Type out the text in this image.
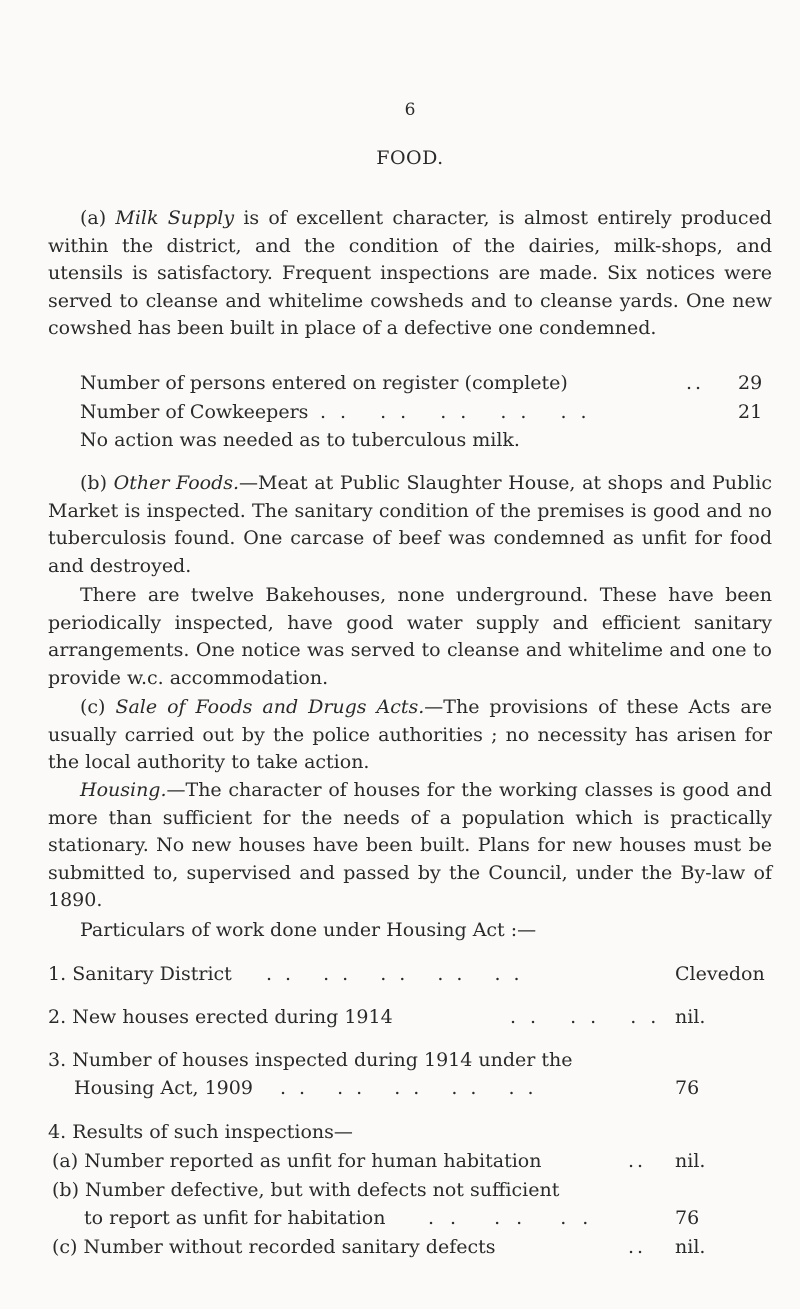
6
FOOD.

(a) Milk Supply is of excellent character, is almost entirely produced within the district, and the condition of the dairies, milk-shops, and utensils is satisfactory. Frequent inspections are made. Six notices were served to cleanse and whitelime cowsheds and to cleanse yards. One new cowshed has been built in place of a defective one condemned.

Number of persons entered on register (complete)	.. 29
Number of Cowkeepers .. .. .. .. ..	21
No action was needed as to tuberculous milk.

(b) Other Foods.—Meat at Public Slaughter House, at shops and Public Market is inspected. The sanitary condition of the premises is good and no tuberculosis found. One carcase of beef was condemned as unfit for food and destroyed.

There are twelve Bakehouses, none underground. These have been periodically inspected, have good water supply and efficient sanitary arrangements. One notice was served to cleanse and whitelime and one to provide w.c. accommodation.

(c) Sale of Foods and Drugs Acts.—The provisions of these Acts are usually carried out by the police authorities ; no necessity has arisen for the local authority to take action.

Housing.—The character of houses for the working classes is good and more than sufficient for the needs of a population which is practically stationary. No new houses have been built. Plans for new houses must be submitted to, supervised and passed by the Council, under the By-law of 1890.

Particulars of work done under Housing Act :—
1. Sanitary District .. .. .. .. ..	Clevedon
2. New houses erected during 1914	.. .. .. nil.
3. Number of houses inspected during 1914 under the
Housing Act, 1909 .. .. .. .. ..	76
4. Results of such inspections—
(a) Number reported as unfit for human habitation	.. nil.
(b) Number defective, but with defects not sufficient
to report as unfit for habitation .. .. ..	76
(c) Number without recorded sanitary defects	.. nil.
